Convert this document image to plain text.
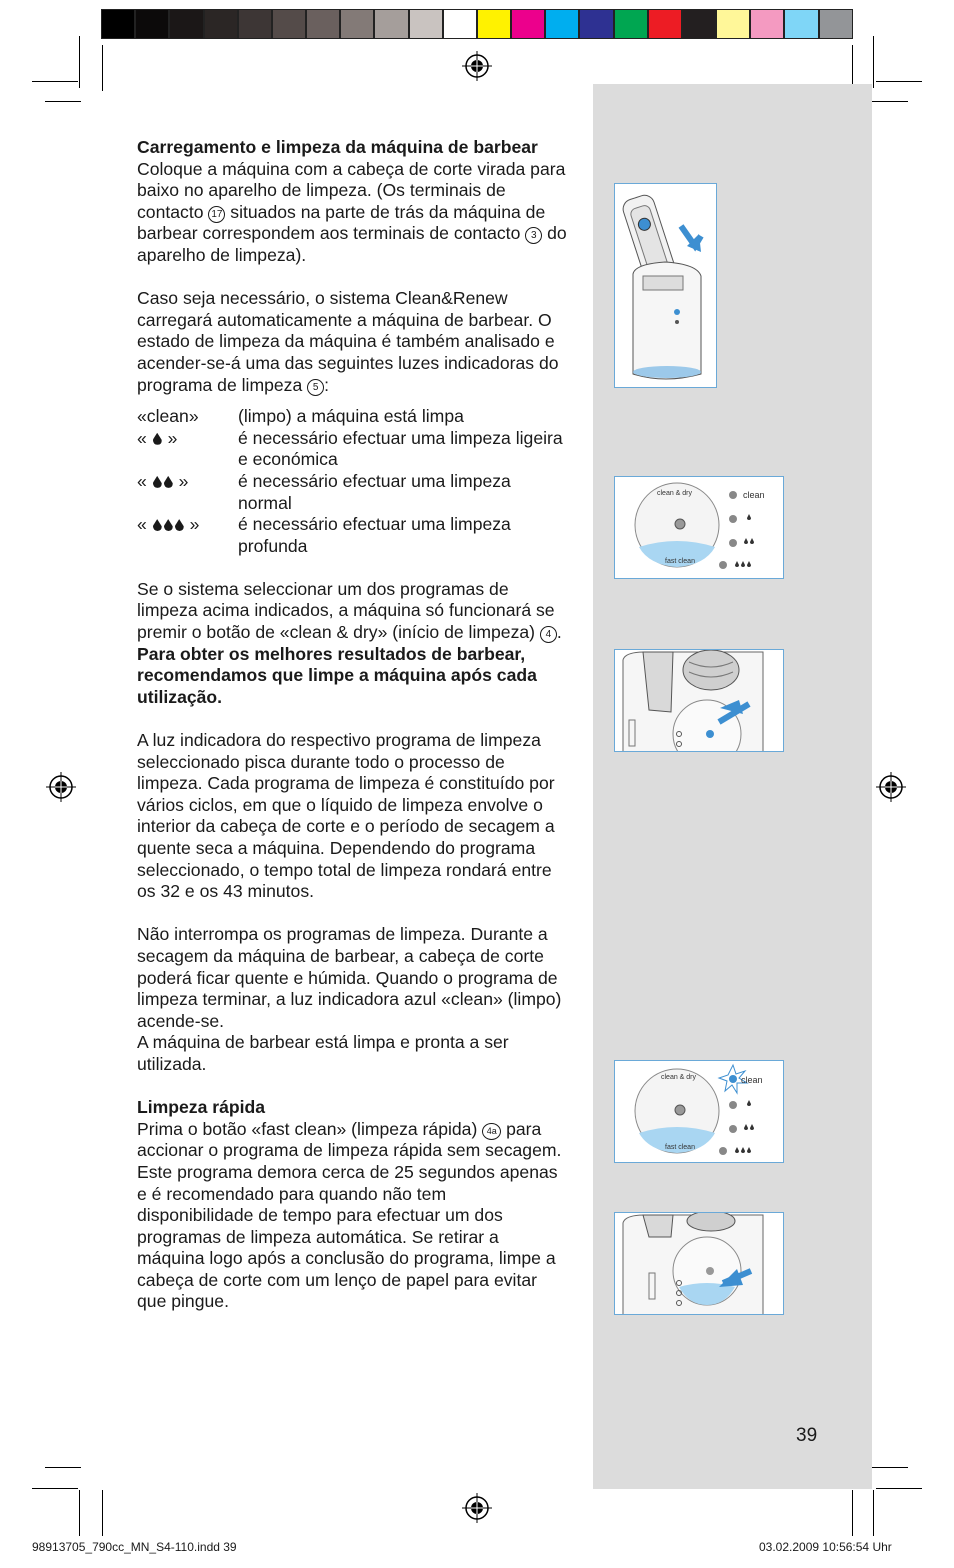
clean & dry
fast clean
clean
clean & dry
fast clean
clean

Carregamento e limpeza da máquina de barbear

Coloque a máquina com a cabeça de corte virada para baixo no aparelho de limpeza. (Os terminais de contacto 17 situados na parte de trás da máquina de barbear correspondem aos terminais de contacto 3 do aparelho de limpeza).

Caso seja necessário, o sistema Clean&Renew carregará automaticamente a máquina de barbear. O estado de limpeza da máquina é também analisado e acender-se-á uma das seguintes luzes indicadoras do programa de limpeza 5 :

«clean»	(limpo) a máquina está limpa
« »	é necessário efectuar uma limpeza ligeira e económica
« »	é necessário efectuar uma limpeza normal
« »	é necessário efectuar uma limpeza profunda

Se o sistema seleccionar um dos programas de limpeza acima indicados, a máquina só funcionará se premir o botão de «clean & dry» (início de limpeza) 4 . Para obter os melhores resultados de barbear, recomendamos que limpe a máquina após cada utilização.

A luz indicadora do respectivo programa de limpeza seleccionado pisca durante todo o processo de limpeza. Cada programa de limpeza é constituído por vários ciclos, em que o líquido de limpeza envolve o interior da cabeça de corte e o período de secagem a quente seca a máquina. Dependendo do programa seleccionado, o tempo total de limpeza rondará entre os 32 e os 43 minutos.

Não interrompa os programas de limpeza. Durante a secagem da máquina de barbear, a cabeça de corte poderá ficar quente e húmida. Quando o programa de limpeza terminar, a luz indicadora azul «clean» (limpo) acende-se.

A máquina de barbear está limpa e pronta a ser utilizada.

Limpeza rápida

Prima o botão «fast clean» (limpeza rápida) 4a para accionar o programa de limpeza rápida sem secagem. Este programa demora cerca de 25 segundos apenas e é recomendado para quando não tem disponibilidade de tempo para efectuar um dos programas de limpeza automática. Se retirar a máquina logo após a conclusão do programa, limpe a cabeça de corte com um lenço de papel para evitar que pingue.

39
98913705_790cc_MN_S4-110.indd 39	03.02.2009 10:56:54 Uhr
